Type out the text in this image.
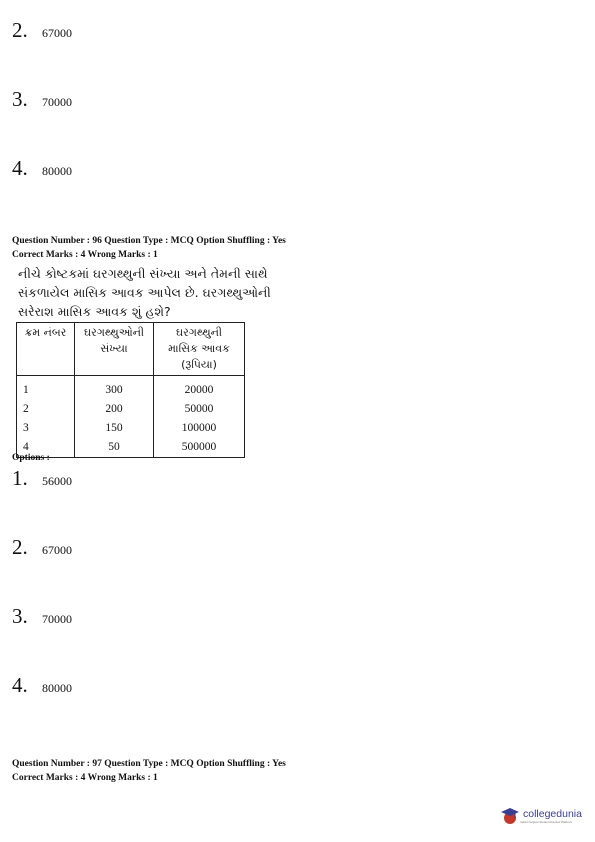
2.	67000
3.	70000
4.	80000
Question Number : 96 Question Type : MCQ Option Shuffling : Yes
Correct Marks : 4 Wrong Marks : 1
નીચે કોષ્ટકમાં ઘરગથ્થુની સંખ્યા અને તેમની સાથે
સંકળાયેલ માસિક આવક આપેલ છે. ઘરગથ્થુઓની
સરેરાશ માસિક આવક શું હશે?
ક્રમ નંબર	ઘરગથ્થુઓની સંખ્યા	ઘરગથ્થુની માસિક આવક (રૂપિયા)
1	300	20000
2	200	50000
3	150	100000
4	50	500000
Options :
1.	56000
2.	67000
3.	70000
4.	80000
Question Number : 97 Question Type : MCQ Option Shuffling : Yes
Correct Marks : 4 Wrong Marks : 1
collegedunia
India's largest Student Review Platform
